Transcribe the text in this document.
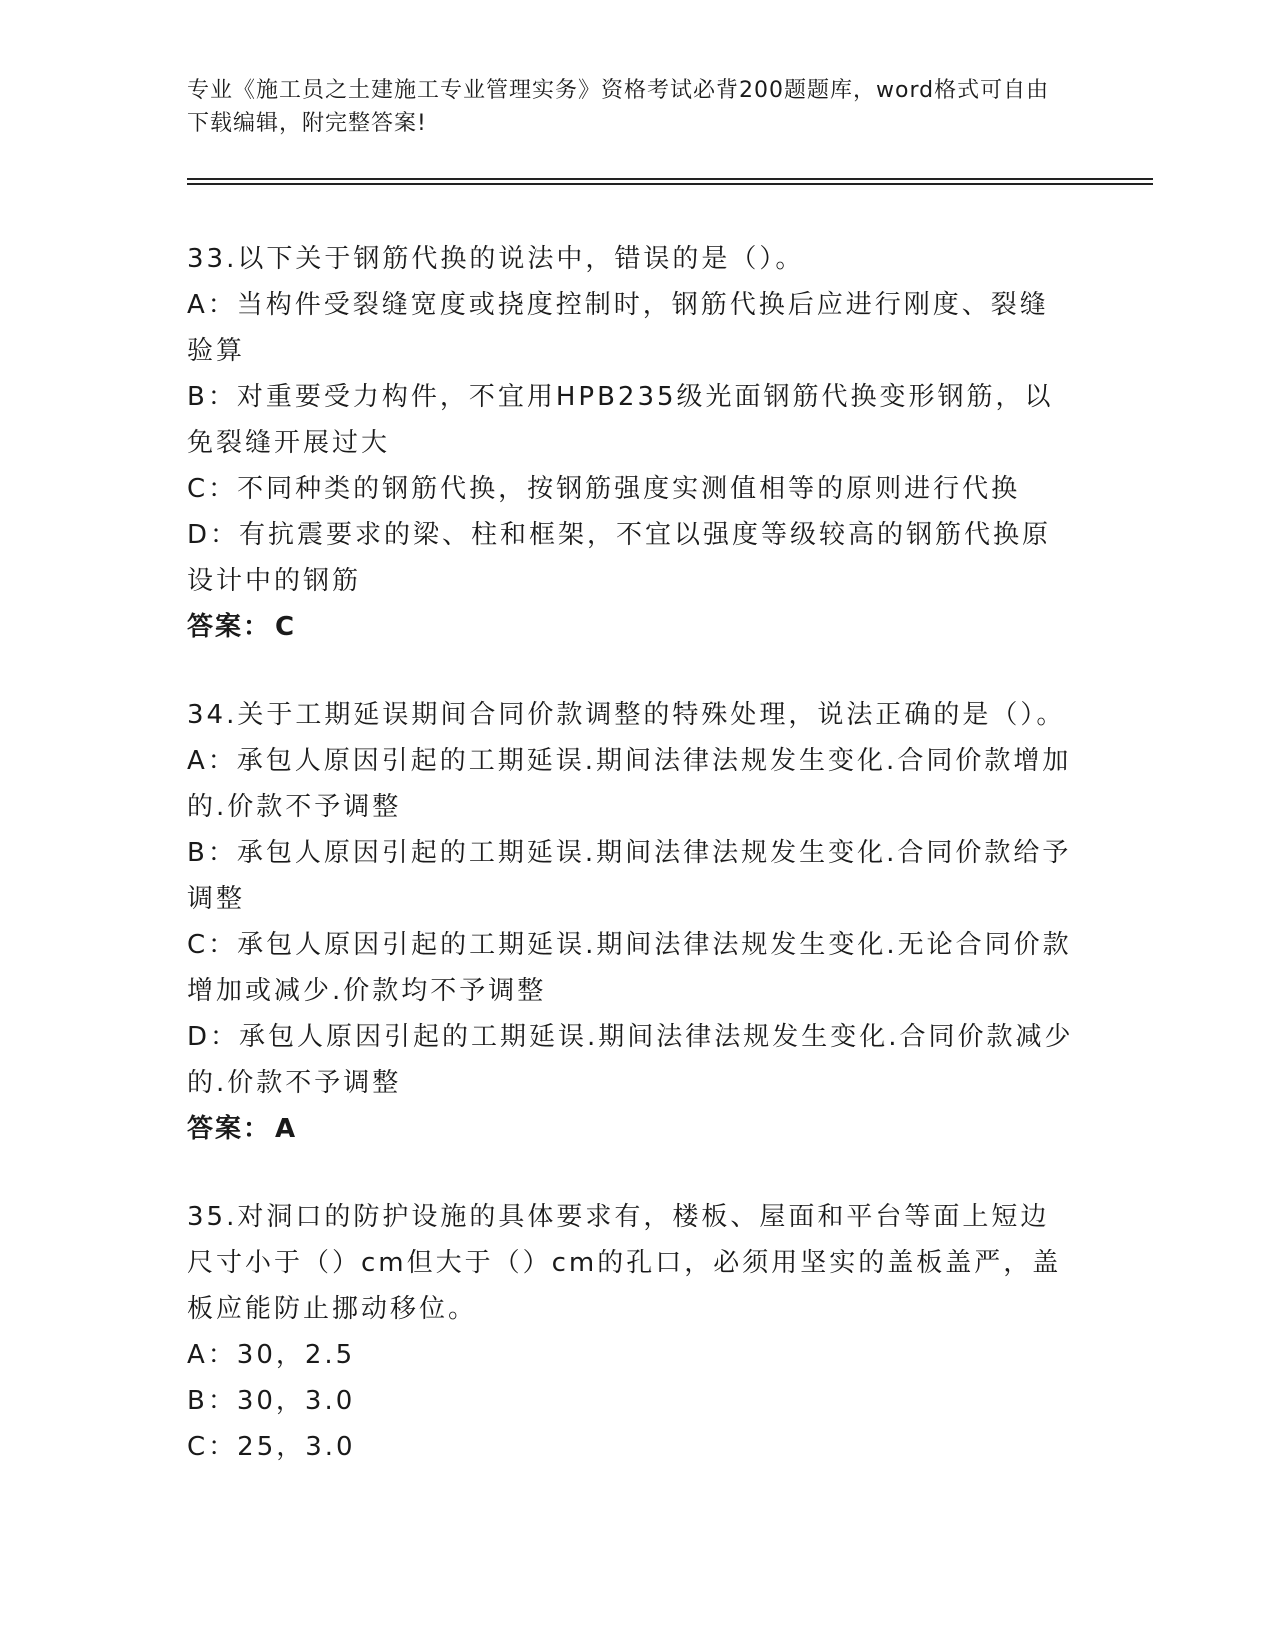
专业《施工员之土建施工专业管理实务》资格考试必背200题题库，word格式可自由下载编辑，附完整答案!

33.以下关于钢筋代换的说法中，错误的是（）。

A：当构件受裂缝宽度或挠度控制时，钢筋代换后应进行刚度、裂缝验算

B：对重要受力构件，不宜用HPB235级光面钢筋代换变形钢筋，以免裂缝开展过大

C：不同种类的钢筋代换，按钢筋强度实测值相等的原则进行代换

D：有抗震要求的梁、柱和框架，不宜以强度等级较高的钢筋代换原设计中的钢筋

答案： C

34.关于工期延误期间合同价款调整的特殊处理，说法正确的是（）。

A：承包人原因引起的工期延误.期间法律法规发生变化.合同价款增加的.价款不予调整

B：承包人原因引起的工期延误.期间法律法规发生变化.合同价款给予调整

C：承包人原因引起的工期延误.期间法律法规发生变化.无论合同价款增加或减少.价款均不予调整

D：承包人原因引起的工期延误.期间法律法规发生变化.合同价款减少的.价款不予调整

答案： A

35.对洞口的防护设施的具体要求有，楼板、屋面和平台等面上短边尺寸小于（）cm但大于（）cm的孔口，必须用坚实的盖板盖严，盖板应能防止挪动移位。

A：30，2.5

B：30，3.0

C：25，3.0
